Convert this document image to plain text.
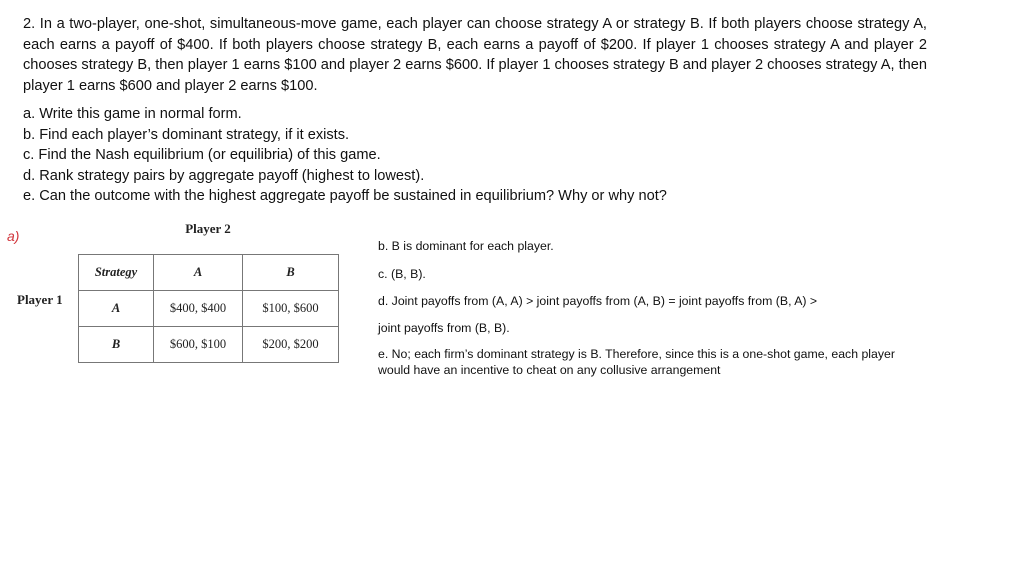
2. In a two-player, one-shot, simultaneous-move game, each player can choose strategy A or strategy B. If both players choose strategy A, each earns a payoff of $400. If both players choose strategy B, each earns a payoff of $200. If player 1 chooses strategy A and player 2 chooses strategy B, then player 1 earns $100 and player 2 earns $600. If player 1 chooses strategy B and player 2 chooses strategy A, then player 1 earns $600 and player 2 earns $100.

a. Write this game in normal form.
b. Find each player’s dominant strategy, if it exists.
c. Find the Nash equilibrium (or equilibria) of this game.
d. Rank strategy pairs by aggregate payoff (highest to lowest).
e. Can the outcome with the highest aggregate payoff be sustained in equilibrium? Why or why not?
a)	Player 2
Player 1
Strategy	A	B
A	$400, $400	$100, $600
B	$600, $100	$200, $200

b. B is dominant for each player.

c. (B, B).

d. Joint payoffs from (A, A) > joint payoffs from (A, B) = joint payoffs from (B, A) >

joint payoffs from (B, B).

e. No; each firm’s dominant strategy is B. Therefore, since this is a one-shot game, each player would have an incentive to cheat on any collusive arrangement
